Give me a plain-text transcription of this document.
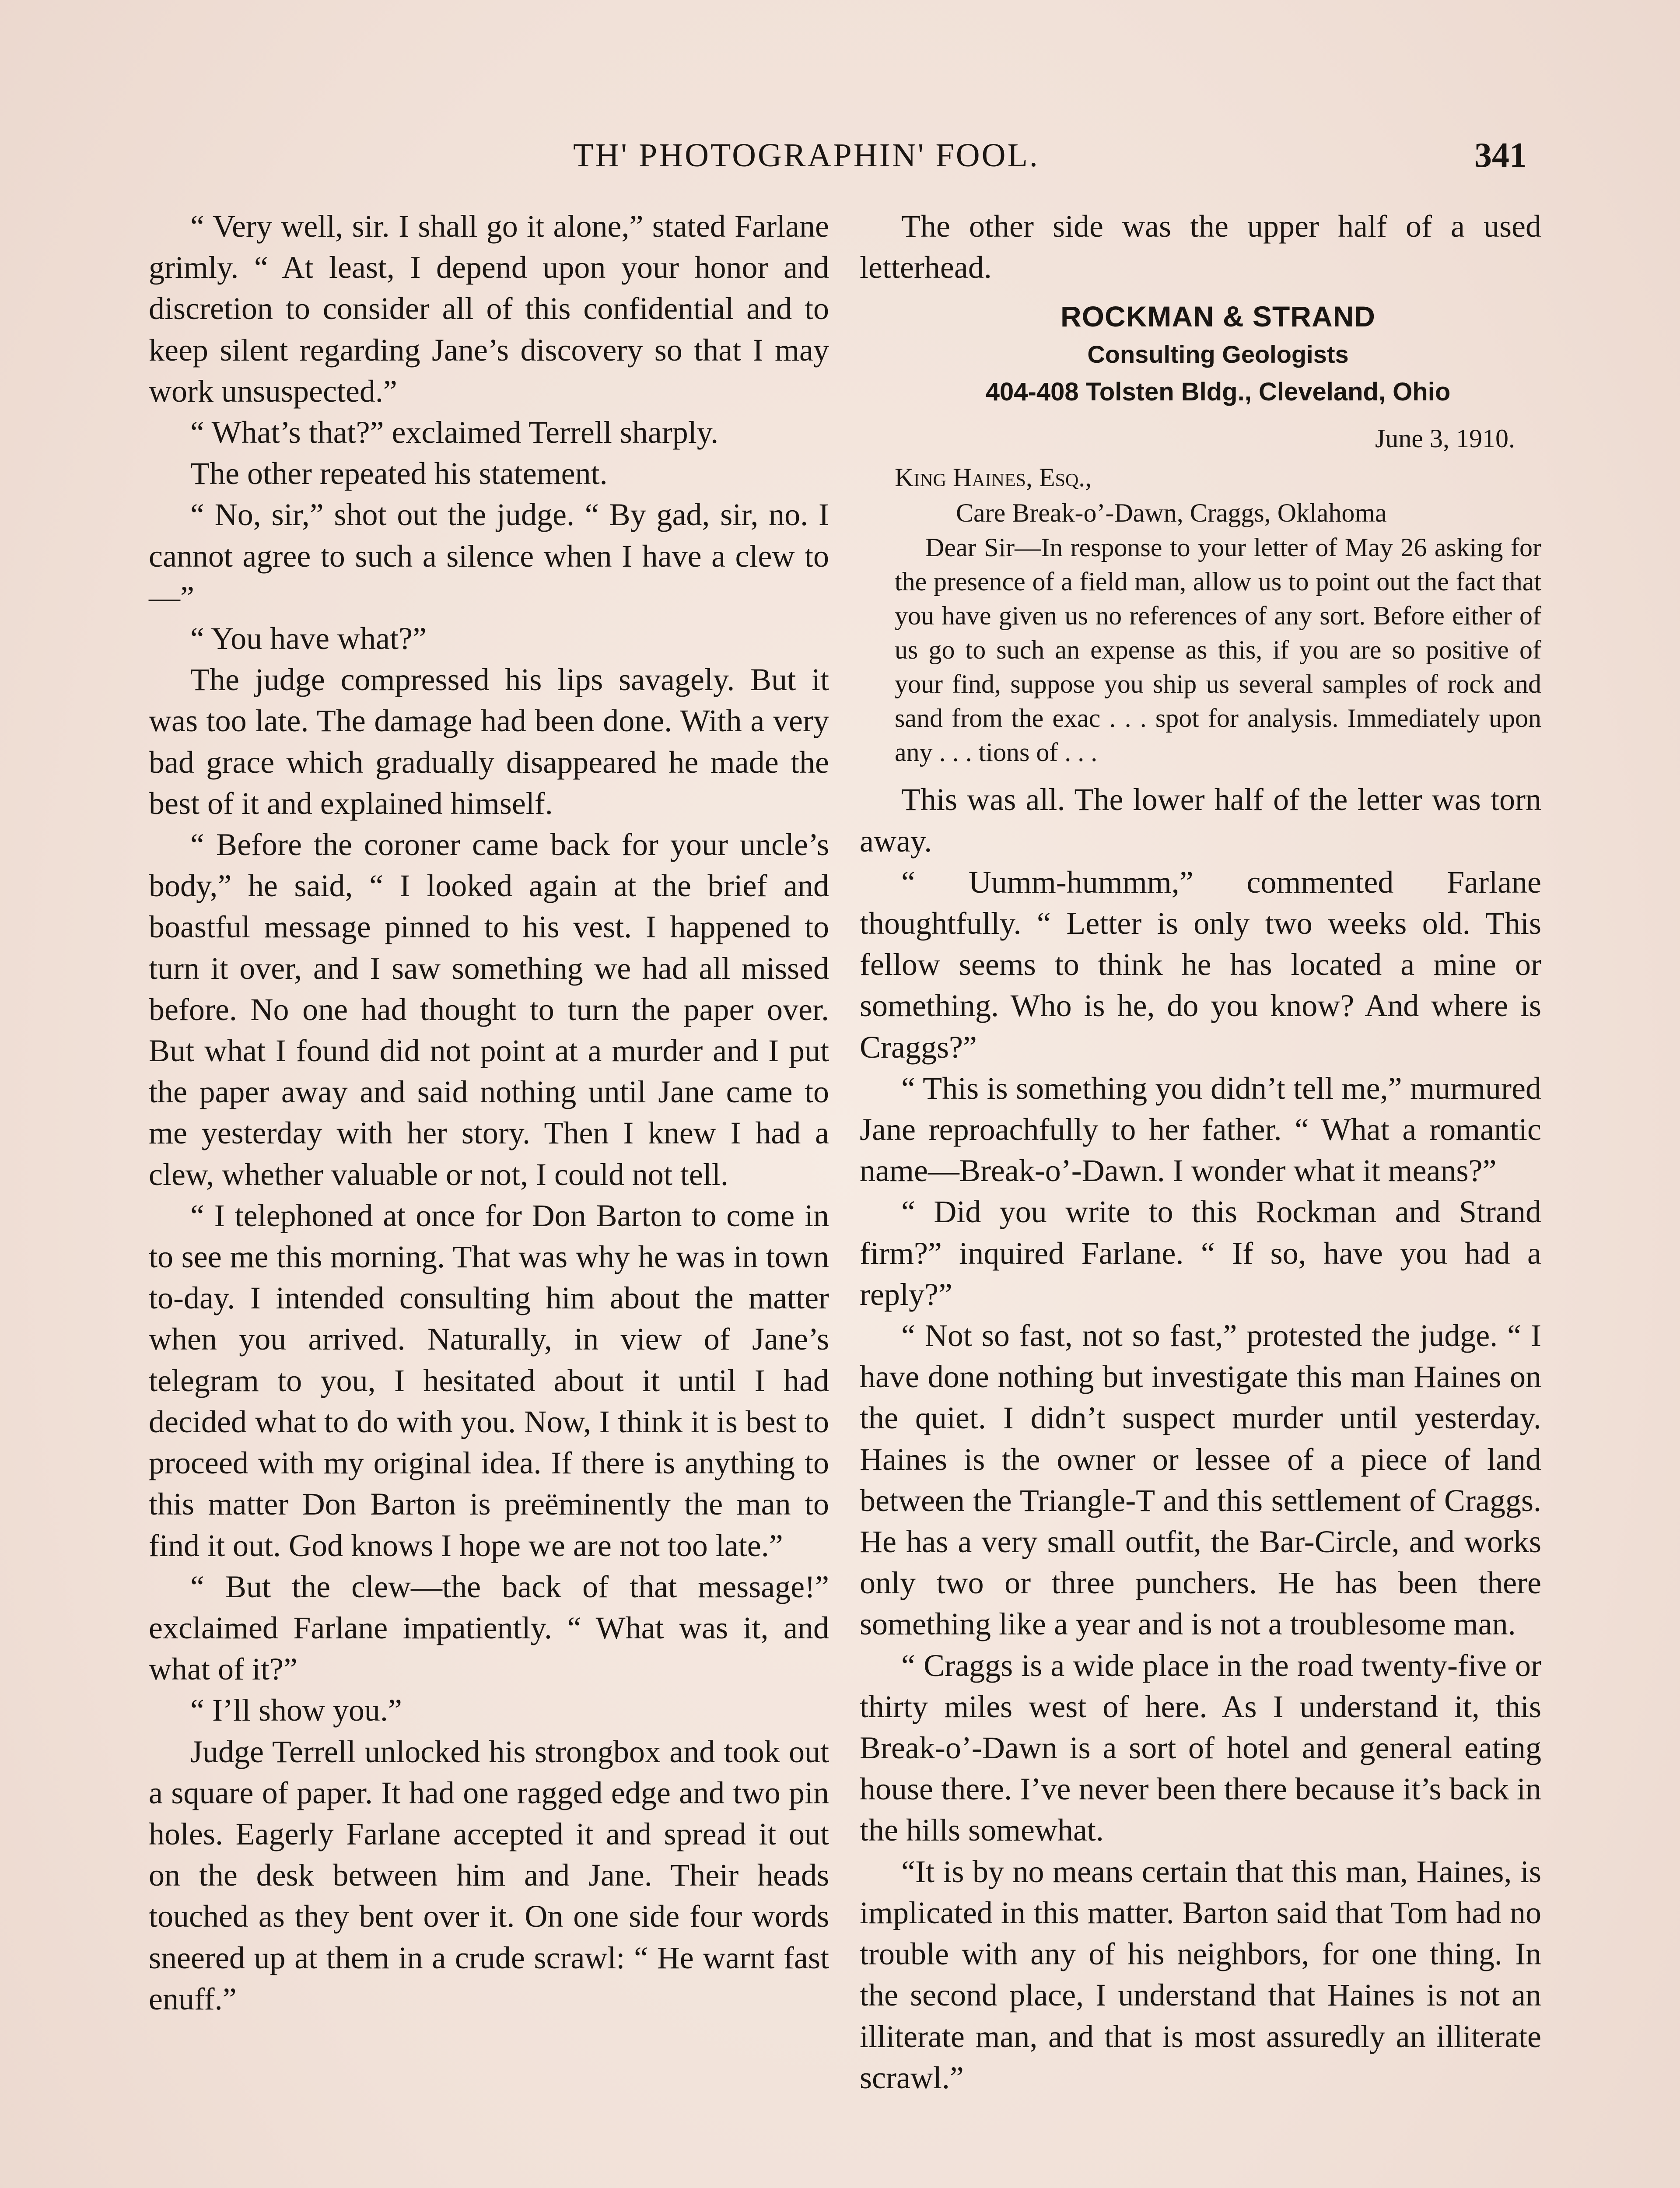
TH' PHOTOGRAPHIN' FOOL.	341

“ Very well, sir. I shall go it alone,” stated Farlane grimly. “ At least, I depend upon your honor and discretion to consider all of this confidential and to keep silent regarding Jane’s discovery so that I may work unsuspected.”

“ What’s that?” exclaimed Terrell sharply.

The other repeated his statement.

“ No, sir,” shot out the judge. “ By gad, sir, no. I cannot agree to such a silence when I have a clew to—”

“ You have what?”

The judge compressed his lips savagely. But it was too late. The damage had been done. With a very bad grace which gradually disappeared he made the best of it and explained himself.

“ Before the coroner came back for your uncle’s body,” he said, “ I looked again at the brief and boastful message pinned to his vest. I happened to turn it over, and I saw something we had all missed before. No one had thought to turn the paper over. But what I found did not point at a murder and I put the paper away and said nothing until Jane came to me yesterday with her story. Then I knew I had a clew, whether valuable or not, I could not tell.

“ I telephoned at once for Don Barton to come in to see me this morning. That was why he was in town to-day. I intended consulting him about the matter when you arrived. Naturally, in view of Jane’s telegram to you, I hesitated about it until I had decided what to do with you. Now, I think it is best to proceed with my original idea. If there is anything to this matter Don Barton is preëminently the man to find it out. God knows I hope we are not too late.”

“ But the clew—the back of that message!” exclaimed Farlane impatiently. “ What was it, and what of it?”

“ I’ll show you.”

Judge Terrell unlocked his strongbox and took out a square of paper. It had one ragged edge and two pin holes. Eagerly Farlane accepted it and spread it out on the desk between him and Jane. Their heads touched as they bent over it. On one side four words sneered up at them in a crude scrawl: “ He warnt fast enuff.”

The other side was the upper half of a used letterhead.

ROCKMAN & STRAND
Consulting Geologists
404-408 Tolsten Bldg., Cleveland, Ohio
June 3, 1910.
King Haines, Esq.,
Care Break-o’-Dawn, Craggs, Oklahoma
Dear Sir—In response to your letter of May 26 asking for the presence of a field man, allow us to point out the fact that you have given us no references of any sort. Before either of us go to such an expense as this, if you are so positive of your find, suppose you ship us several samples of rock and sand from the exac . . . spot for analysis. Immediately upon any . . . tions of . . .

This was all. The lower half of the letter was torn away.

“ Uumm-hummm,” commented Farlane thoughtfully. “ Letter is only two weeks old. This fellow seems to think he has located a mine or something. Who is he, do you know? And where is Craggs?”

“ This is something you didn’t tell me,” murmured Jane reproachfully to her father. “ What a romantic name—Break-o’-Dawn. I wonder what it means?”

“ Did you write to this Rockman and Strand firm?” inquired Farlane. “ If so, have you had a reply?”

“ Not so fast, not so fast,” protested the judge. “ I have done nothing but investigate this man Haines on the quiet. I didn’t suspect murder until yesterday. Haines is the owner or lessee of a piece of land between the Triangle-T and this settlement of Craggs. He has a very small outfit, the Bar-Circle, and works only two or three punchers. He has been there something like a year and is not a troublesome man.

“ Craggs is a wide place in the road twenty-five or thirty miles west of here. As I understand it, this Break-o’-Dawn is a sort of hotel and general eating house there. I’ve never been there because it’s back in the hills somewhat.

“It is by no means certain that this man, Haines, is implicated in this matter. Barton said that Tom had no trouble with any of his neighbors, for one thing. In the second place, I understand that Haines is not an illiterate man, and that is most assuredly an illiterate scrawl.”
